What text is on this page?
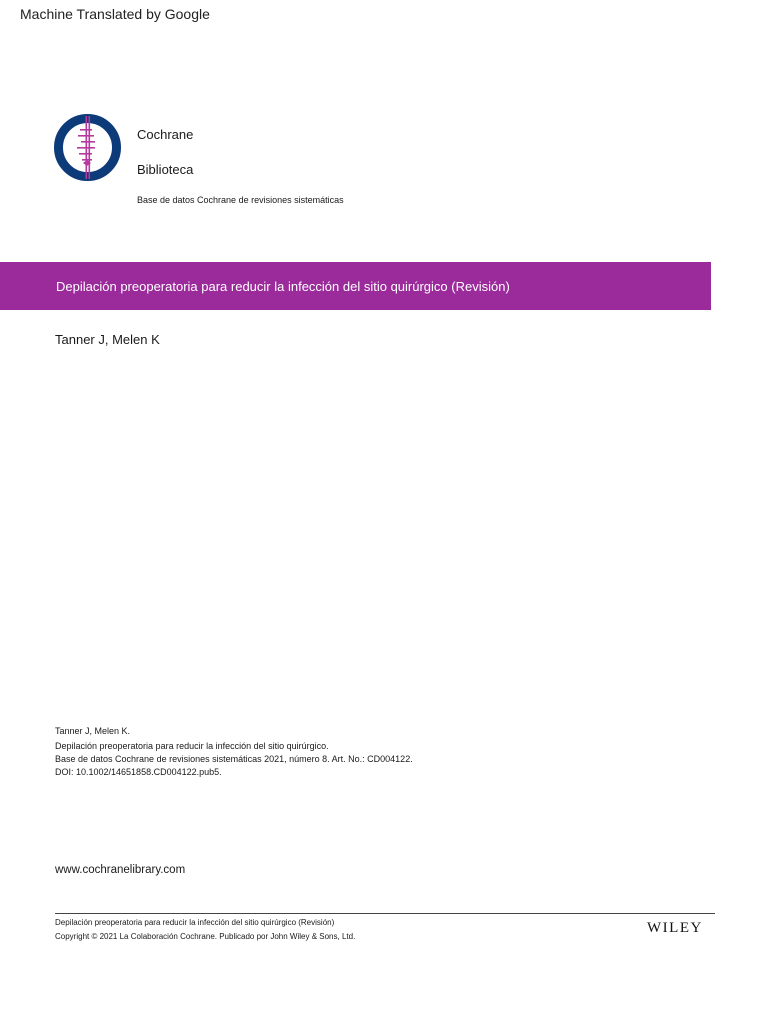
Machine Translated by Google
Cochrane
Biblioteca
Base de datos Cochrane de revisiones sistemáticas
Depilación preoperatoria para reducir la infección del sitio quirúrgico (Revisión)
Tanner J, Melen K
Tanner J, Melen K.
Depilación preoperatoria para reducir la infección del sitio quirúrgico.
Base de datos Cochrane de revisiones sistemáticas 2021, número 8. Art. No.: CD004122.
DOI: 10.1002/14651858.CD004122.pub5.
www.cochranelibrary.com
Depilación preoperatoria para reducir la infección del sitio quirúrgico (Revisión)
Copyright © 2021 La Colaboración Cochrane. Publicado por John Wiley & Sons, Ltd.
WILEY
